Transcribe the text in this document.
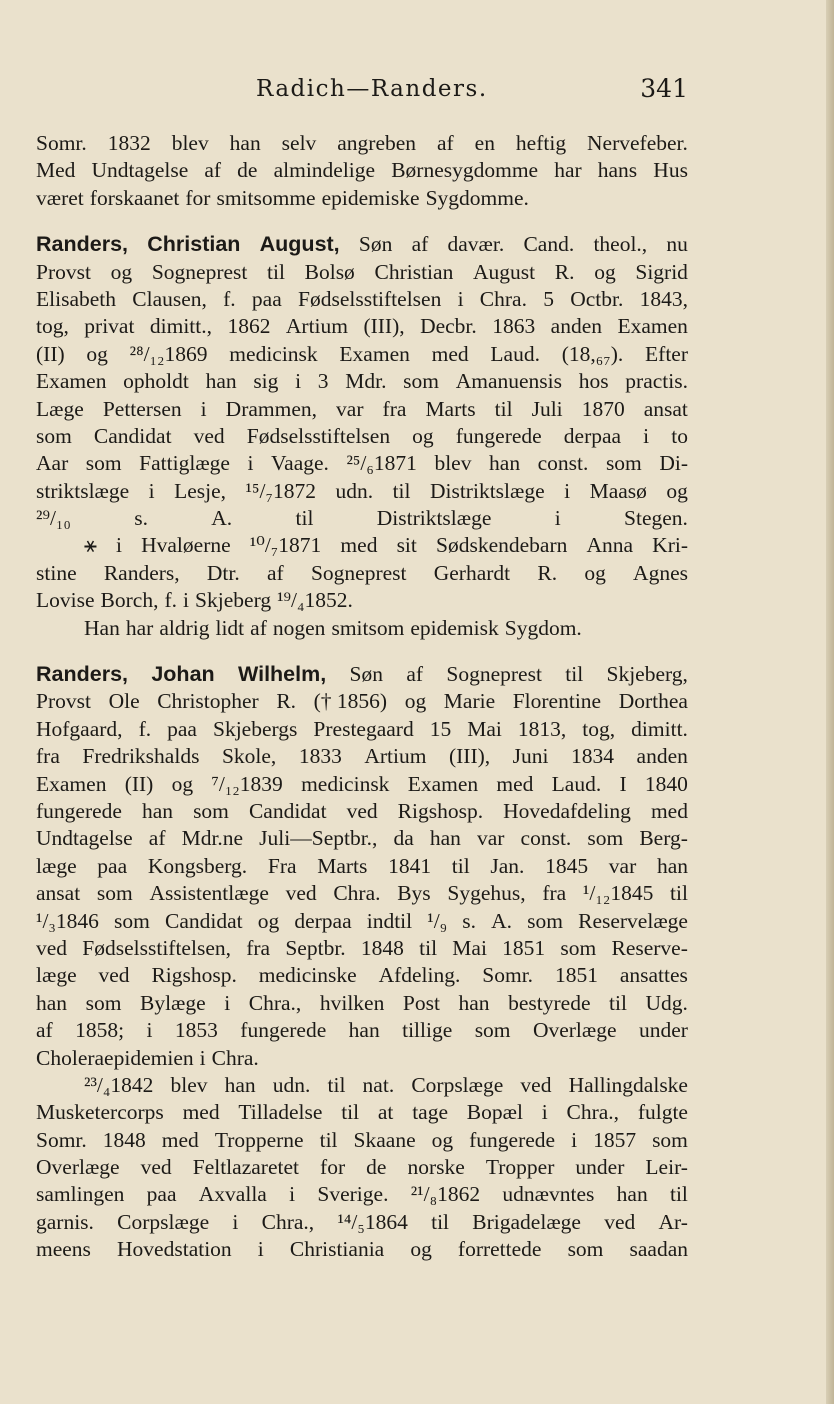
Radich—Randers.	341
Somr. 1832 blev han selv angreben af en heftig Nervefeber.
Med Undtagelse af de almindelige Børnesygdomme har hans Hus
været forskaanet for smitsomme epidemiske Sygdomme.
Randers, Christian August, Søn af davær. Cand. theol., nu
Provst og Sogneprest til Bolsø Christian August R. og Sigrid
Elisabeth Clausen, f. paa Fødselsstiftelsen i Chra. 5 Octbr. 1843,
tog, privat dimitt., 1862 Artium (III), Decbr. 1863 anden Examen
(II) og ²⁸/₁₂1869 medicinsk Examen med Laud. (18,₆₇). Efter
Examen opholdt han sig i 3 Mdr. som Amanuensis hos practis.
Læge Pettersen i Drammen, var fra Marts til Juli 1870 ansat
som Candidat ved Fødselsstiftelsen og fungerede derpaa i to
Aar som Fattiglæge i Vaage. ²⁵/₆1871 blev han const. som Di-
striktslæge i Lesje, ¹⁵/₇1872 udn. til Distriktslæge i Maasø og
²⁹/₁₀	s.	A.	til	Distriktslæge	i	Stegen.
⚹ i Hvaløerne ¹⁰/₇1871 med sit Sødskendebarn Anna Kri-
stine Randers, Dtr. af Sogneprest Gerhardt R. og Agnes
Lovise Borch, f. i Skjeberg ¹⁹/₄1852.
Han har aldrig lidt af nogen smitsom epidemisk Sygdom.
Randers, Johan Wilhelm, Søn af Sogneprest til Skjeberg,
Provst Ole Christopher R. († 1856) og Marie Florentine Dorthea
Hofgaard, f. paa Skjebergs Prestegaard 15 Mai 1813, tog, dimitt.
fra Fredrikshalds Skole, 1833 Artium (III), Juni 1834 anden
Examen (II) og ⁷/₁₂1839 medicinsk Examen med Laud. I 1840
fungerede han som Candidat ved Rigshosp. Hovedafdeling med
Undtagelse af Mdr.ne Juli—Septbr., da han var const. som Berg-
læge paa Kongsberg. Fra Marts 1841 til Jan. 1845 var han
ansat som Assistentlæge ved Chra. Bys Sygehus, fra ¹/₁₂1845 til
¹/₃1846 som Candidat og derpaa indtil ¹/₉ s. A. som Reservelæge
ved Fødselsstiftelsen, fra Septbr. 1848 til Mai 1851 som Reserve-
læge ved Rigshosp. medicinske Afdeling. Somr. 1851 ansattes
han som Bylæge i Chra., hvilken Post han bestyrede til Udg.
af 1858; i 1853 fungerede han tillige som Overlæge under
Choleraepidemien i Chra.
²³/₄1842 blev han udn. til nat. Corpslæge ved Hallingdalske
Musketercorps med Tilladelse til at tage Bopæl i Chra., fulgte
Somr. 1848 med Tropperne til Skaane og fungerede i 1857 som
Overlæge ved Feltlazaretet for de norske Tropper under Leir-
samlingen paa Axvalla i Sverige. ²¹/₈1862 udnævntes han til
garnis. Corpslæge i Chra., ¹⁴/₅1864 til Brigadelæge ved Ar-
meens Hovedstation i Christiania og forrettede som saadan
